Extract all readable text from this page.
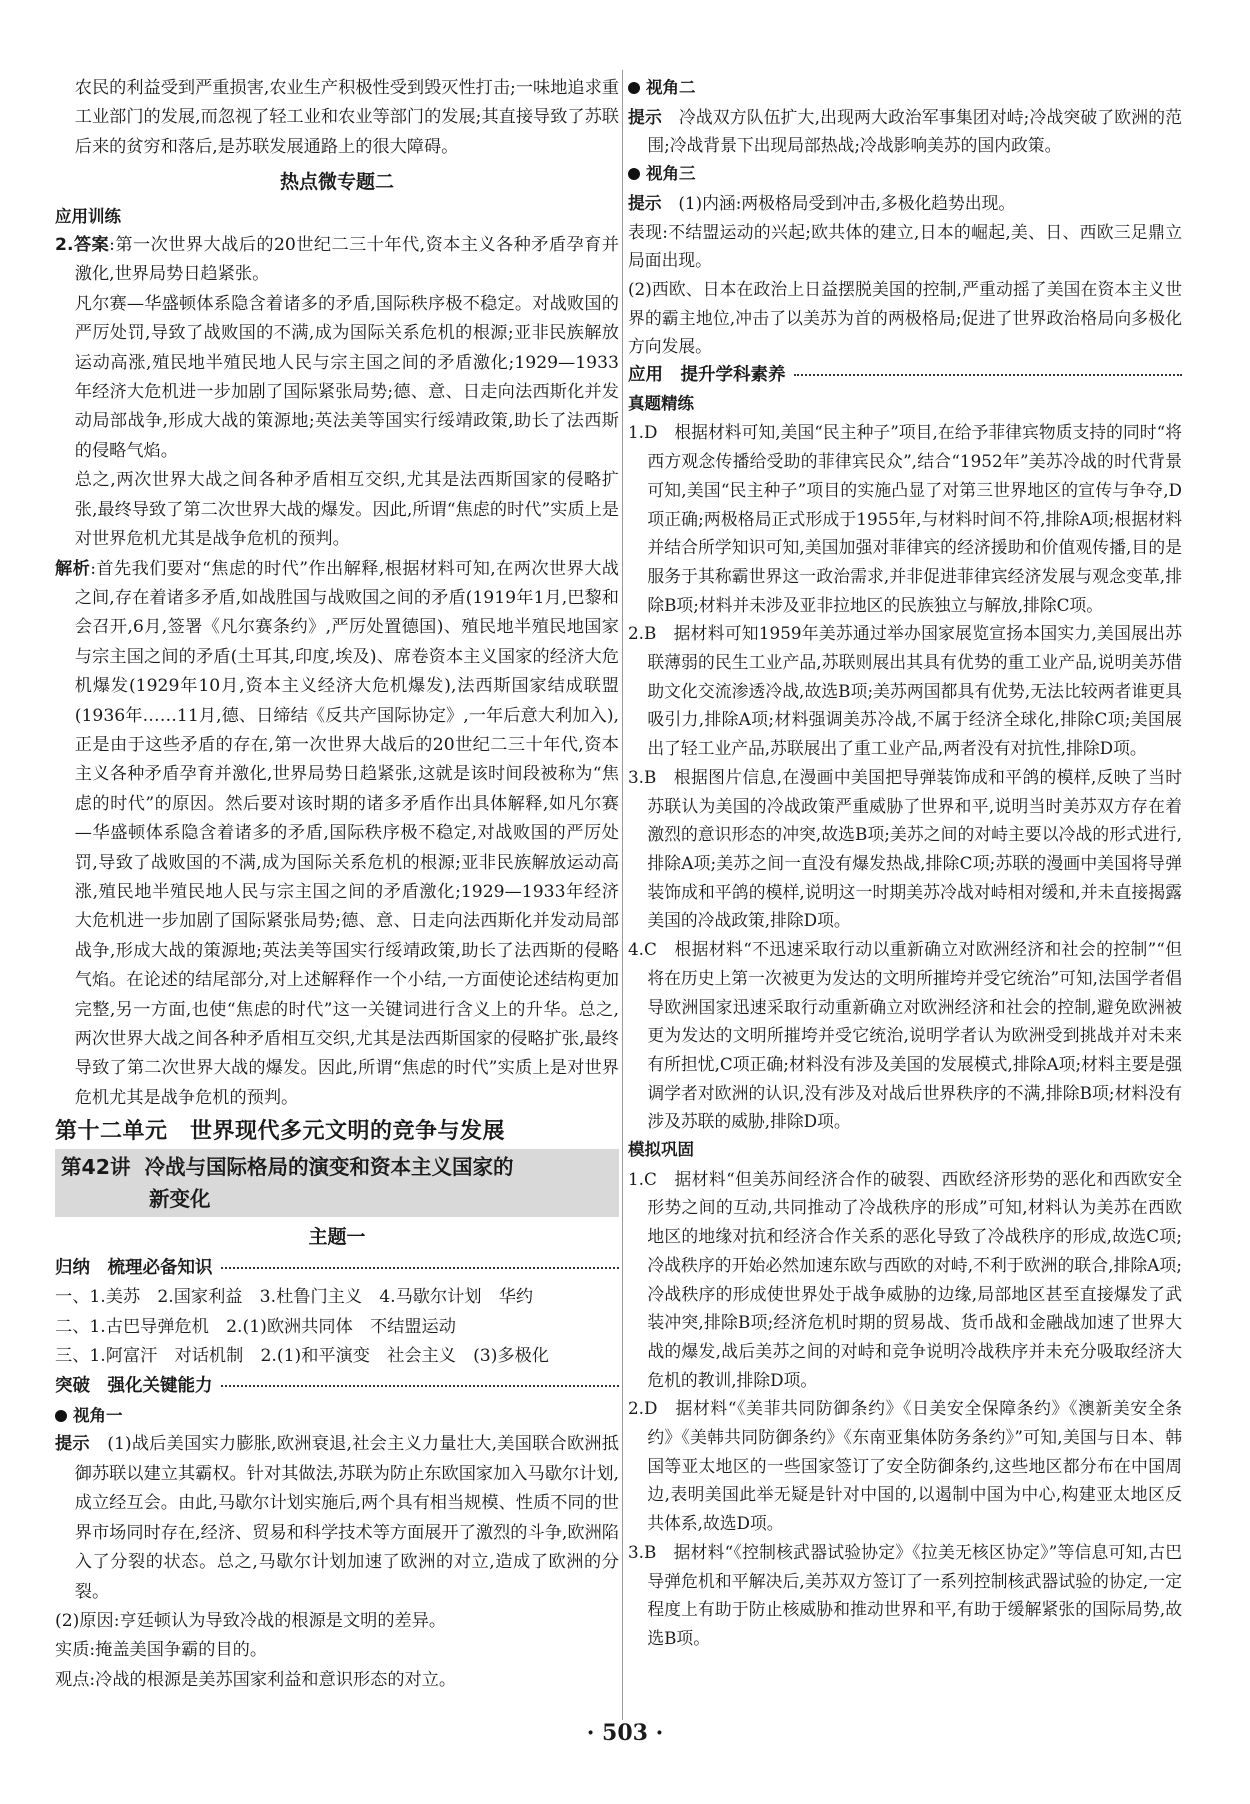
农民的利益受到严重损害,农业生产积极性受到毁灭性打击;一味地追求重工业部门的发展,而忽视了轻工业和农业等部门的发展;其直接导致了苏联后来的贫穷和落后,是苏联发展通路上的很大障碍。

热点微专题二
应用训练

2.答案:第一次世界大战后的20世纪二三十年代,资本主义各种矛盾孕育并激化,世界局势日趋紧张。

凡尔赛—华盛顿体系隐含着诸多的矛盾,国际秩序极不稳定。对战败国的严厉处罚,导致了战败国的不满,成为国际关系危机的根源;亚非民族解放运动高涨,殖民地半殖民地人民与宗主国之间的矛盾激化;1929—1933年经济大危机进一步加剧了国际紧张局势;德、意、日走向法西斯化并发动局部战争,形成大战的策源地;英法美等国实行绥靖政策,助长了法西斯的侵略气焰。

总之,两次世界大战之间各种矛盾相互交织,尤其是法西斯国家的侵略扩张,最终导致了第二次世界大战的爆发。因此,所谓“焦虑的时代”实质上是对世界危机尤其是战争危机的预判。

解析:首先我们要对“焦虑的时代”作出解释,根据材料可知,在两次世界大战之间,存在着诸多矛盾,如战胜国与战败国之间的矛盾(1919年1月,巴黎和会召开,6月,签署《凡尔赛条约》,严厉处置德国)、殖民地半殖民地国家与宗主国之间的矛盾(土耳其,印度,埃及)、席卷资本主义国家的经济大危机爆发(1929年10月,资本主义经济大危机爆发),法西斯国家结成联盟(1936年……11月,德、日缔结《反共产国际协定》,一年后意大利加入),正是由于这些矛盾的存在,第一次世界大战后的20世纪二三十年代,资本主义各种矛盾孕育并激化,世界局势日趋紧张,这就是该时间段被称为“焦虑的时代”的原因。然后要对该时期的诸多矛盾作出具体解释,如凡尔赛—华盛顿体系隐含着诸多的矛盾,国际秩序极不稳定,对战败国的严厉处罚,导致了战败国的不满,成为国际关系危机的根源;亚非民族解放运动高涨,殖民地半殖民地人民与宗主国之间的矛盾激化;1929—1933年经济大危机进一步加剧了国际紧张局势;德、意、日走向法西斯化并发动局部战争,形成大战的策源地;英法美等国实行绥靖政策,助长了法西斯的侵略气焰。在论述的结尾部分,对上述解释作一个小结,一方面使论述结构更加完整,另一方面,也使“焦虑的时代”这一关键词进行含义上的升华。总之,两次世界大战之间各种矛盾相互交织,尤其是法西斯国家的侵略扩张,最终导致了第二次世界大战的爆发。因此,所谓“焦虑的时代”实质上是对世界危机尤其是战争危机的预判。

第十二单元　世界现代多元文明的竞争与发展
第42讲 冷战与国际格局的演变和资本主义国家的
新变化
主题一
归纳　梳理必备知识

一、1.美苏　2.国家利益　3.杜鲁门主义　4.马歇尔计划　华约

二、1.古巴导弹危机　2.(1)欧洲共同体　不结盟运动

三、1.阿富汗　对话机制　2.(1)和平演变　社会主义　(3)多极化

突破　强化关键能力
视角一

提示　 (1)战后美国实力膨胀,欧洲衰退,社会主义力量壮大,美国联合欧洲抵御苏联以建立其霸权。针对其做法,苏联为防止东欧国家加入马歇尔计划,成立经互会。由此,马歇尔计划实施后,两个具有相当规模、性质不同的世界市场同时存在,经济、贸易和科学技术等方面展开了激烈的斗争,欧洲陷入了分裂的状态。总之,马歇尔计划加速了欧洲的对立,造成了欧洲的分裂。

(2)原因:亨廷顿认为导致冷战的根源是文明的差异。

实质:掩盖美国争霸的目的。

观点:冷战的根源是美苏国家利益和意识形态的对立。

视角二

提示　 冷战双方队伍扩大,出现两大政治军事集团对峙;冷战突破了欧洲的范围;冷战背景下出现局部热战;冷战影响美苏的国内政策。

视角三

提示　 (1)内涵:两极格局受到冲击,多极化趋势出现。

表现:不结盟运动的兴起;欧共体的建立,日本的崛起,美、日、西欧三足鼎立局面出现。

(2)西欧、日本在政治上日益摆脱美国的控制,严重动摇了美国在资本主义世界的霸主地位,冲击了以美苏为首的两极格局;促进了世界政治格局向多极化方向发展。

应用　提升学科素养
真题精练

1.D　根据材料可知,美国“民主种子”项目,在给予菲律宾物质支持的同时“将西方观念传播给受助的菲律宾民众”,结合“1952年”美苏冷战的时代背景可知,美国“民主种子”项目的实施凸显了对第三世界地区的宣传与争夺,D项正确;两极格局正式形成于1955年,与材料时间不符,排除A项;根据材料并结合所学知识可知,美国加强对菲律宾的经济援助和价值观传播,目的是服务于其称霸世界这一政治需求,并非促进菲律宾经济发展与观念变革,排除B项;材料并未涉及亚非拉地区的民族独立与解放,排除C项。

2.B　据材料可知1959年美苏通过举办国家展览宣扬本国实力,美国展出苏联薄弱的民生工业产品,苏联则展出其具有优势的重工业产品,说明美苏借助文化交流渗透冷战,故选B项;美苏两国都具有优势,无法比较两者谁更具吸引力,排除A项;材料强调美苏冷战,不属于经济全球化,排除C项;美国展出了轻工业产品,苏联展出了重工业产品,两者没有对抗性,排除D项。

3.B　根据图片信息,在漫画中美国把导弹装饰成和平鸽的模样,反映了当时苏联认为美国的冷战政策严重威胁了世界和平,说明当时美苏双方存在着激烈的意识形态的冲突,故选B项;美苏之间的对峙主要以冷战的形式进行,排除A项;美苏之间一直没有爆发热战,排除C项;苏联的漫画中美国将导弹装饰成和平鸽的模样,说明这一时期美苏冷战对峙相对缓和,并未直接揭露美国的冷战政策,排除D项。

4.C　根据材料“不迅速采取行动以重新确立对欧洲经济和社会的控制”“但将在历史上第一次被更为发达的文明所摧垮并受它统治”可知,法国学者倡导欧洲国家迅速采取行动重新确立对欧洲经济和社会的控制,避免欧洲被更为发达的文明所摧垮并受它统治,说明学者认为欧洲受到挑战并对未来有所担忧,C项正确;材料没有涉及美国的发展模式,排除A项;材料主要是强调学者对欧洲的认识,没有涉及对战后世界秩序的不满,排除B项;材料没有涉及苏联的威胁,排除D项。

模拟巩固

1.C　据材料“但美苏间经济合作的破裂、西欧经济形势的恶化和西欧安全形势之间的互动,共同推动了冷战秩序的形成”可知,材料认为美苏在西欧地区的地缘对抗和经济合作关系的恶化导致了冷战秩序的形成,故选C项;冷战秩序的开始必然加速东欧与西欧的对峙,不利于欧洲的联合,排除A项;冷战秩序的形成使世界处于战争威胁的边缘,局部地区甚至直接爆发了武装冲突,排除B项;经济危机时期的贸易战、货币战和金融战加速了世界大战的爆发,战后美苏之间的对峙和竞争说明冷战秩序并未充分吸取经济大危机的教训,排除D项。

2.D　据材料“《美菲共同防御条约》《日美安全保障条约》《澳新美安全条约》《美韩共同防御条约》《东南亚集体防务条约》”可知,美国与日本、韩国等亚太地区的一些国家签订了安全防御条约,这些地区都分布在中国周边,表明美国此举无疑是针对中国的,以遏制中国为中心,构建亚太地区反共体系,故选D项。

3.B　据材料“《控制核武器试验协定》《拉美无核区协定》”等信息可知,古巴导弹危机和平解决后,美苏双方签订了一系列控制核武器试验的协定,一定程度上有助于防止核威胁和推动世界和平,有助于缓解紧张的国际局势,故选B项。

· 503 ·
